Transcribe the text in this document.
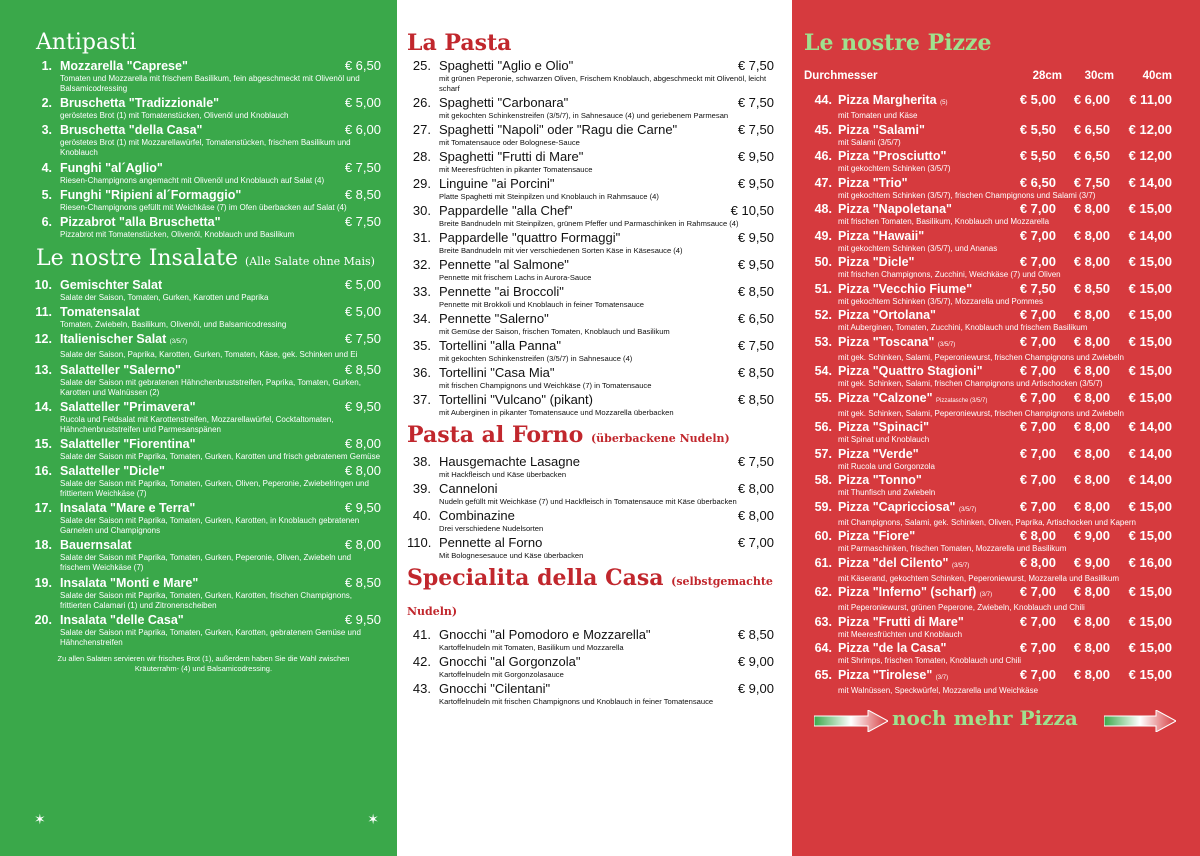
Antipasti
1. Mozzarella "Caprese"	€ 6,50
Tomaten und Mozzarella mit frischem Basilikum, fein abgeschmeckt mit Olivenöl und Balsamicodressing
2. Bruschetta "Tradizzionale"	€ 5,00
geröstetes Brot (1) mit Tomatenstücken, Olivenöl und Knoblauch
3. Bruschetta "della Casa"	€ 6,00
geröstetes Brot (1) mit Mozzarellawürfel, Tomatenstücken, frischem Basilikum und Knoblauch
4. Funghi "al´Aglio"	€ 7,50
Riesen-Champignons angemacht mit Olivenöl und Knoblauch auf Salat (4)
5. Funghi "Ripieni al´Formaggio"	€ 8,50
Riesen-Champignons gefüllt mit Weichkäse (7) im Ofen überbacken auf Salat (4)
6. Pizzabrot "alla Bruschetta"	€ 7,50
Pizzabrot mit Tomatenstücken, Olivenöl, Knoblauch und Basilikum
Le nostre Insalate (Alle Salate ohne Mais)
10. Gemischter Salat	€ 5,00
Salate der Saison, Tomaten, Gurken, Karotten und Paprika
11. Tomatensalat	€ 5,00
Tomaten, Zwiebeln, Basilikum, Olivenöl, und Balsamicodressing
12. Italienischer Salat (3/5/7)	€ 7,50
Salate der Saison, Paprika, Karotten, Gurken, Tomaten, Käse, gek. Schinken und Ei
13. Salatteller "Salerno"	€ 8,50
Salate der Saison mit gebratenen Hähnchenbruststreifen, Paprika, Tomaten, Gurken, Karotten und Walnüssen (2)
14. Salatteller "Primavera"	€ 9,50
Rucola und Feldsalat mit Karottenstreifen, Mozzarellawürfel, Cocktaltomaten, Hähnchenbruststreifen und Parmesanspänen
15. Salatteller "Fiorentina"	€ 8,00
Salate der Saison mit Paprika, Tomaten, Gurken, Karotten und frisch gebratenem Gemüse
16. Salatteller "Dicle"	€ 8,00
Salate der Saison mit Paprika, Tomaten, Gurken, Oliven, Peperonie, Zwiebelringen und frittiertem Weichkäse (7)
17. Insalata "Mare e Terra"	€ 9,50
Salate der Saison mit Paprika, Tomaten, Gurken, Karotten, in Knoblauch gebratenen Garnelen und Champignons
18. Bauernsalat	€ 8,00
Salate der Saison mit Paprika, Tomaten, Gurken, Peperonie, Oliven, Zwiebeln und frischem Weichkäse (7)
19. Insalata "Monti e Mare"	€ 8,50
Salate der Saison mit Paprika, Tomaten, Gurken, Karotten, frischen Champignons, frittierten Calamari (1) und Zitronenscheiben
20. Insalata "delle Casa"	€ 9,50
Salate der Saison mit Paprika, Tomaten, Gurken, Karotten, gebratenem Gemüse und Hähnchenstreifen
Zu allen Salaten servieren wir frisches Brot (1), außerdem haben Sie die Wahl zwischen Kräuterrahm- (4) und Balsamicodressing.
✶	✶
La Pasta
25. Spaghetti "Aglio e Olio"	€ 7,50
mit grünen Peperonie, schwarzen Oliven, Frischem Knoblauch, abgeschmeckt mit Olivenöl, leicht scharf
26. Spaghetti "Carbonara"	€ 7,50
mit gekochten Schinkenstreifen (3/5/7), in Sahnesauce (4) und geriebenem Parmesan
27. Spaghetti "Napoli" oder "Ragu die Carne"	€ 7,50
mit Tomatensauce oder Bolognese-Sauce
28. Spaghetti "Frutti di Mare"	€ 9,50
mit Meeresfrüchten in pikanter Tomatensauce
29. Linguine "ai Porcini"	€ 9,50
Platte Spaghetti mit Steinpilzen und Knoblauch in Rahmsauce (4)
30. Pappardelle "alla Chef"	€ 10,50
Breite Bandnudeln mit Steinpilzen, grünem Pfeffer und Parmaschinken in Rahmsauce (4)
31. Pappardelle "quattro Formaggi"	€ 9,50
Breite Bandnudeln mit vier verschiedenen Sorten Käse in Käsesauce (4)
32. Pennette "al Salmone"	€ 9,50
Pennette mit frischem Lachs in Aurora-Sauce
33. Pennette "ai Broccoli"	€ 8,50
Pennette mit Brokkoli und Knoblauch in feiner Tomatensauce
34. Pennette "Salerno"	€ 6,50
mit Gemüse der Saison, frischen Tomaten, Knoblauch und Basilikum
35. Tortellini "alla Panna"	€ 7,50
mit gekochten Schinkenstreifen (3/5/7) in Sahnesauce (4)
36. Tortellini "Casa Mia"	€ 8,50
mit frischen Champignons und Weichkäse (7) in Tomatensauce
37. Tortellini "Vulcano" (pikant)	€ 8,50
mit Auberginen in pikanter Tomatensauce und Mozzarella überbacken
Pasta al Forno (überbackene Nudeln)
38. Hausgemachte Lasagne	€ 7,50
mit Hackfleisch und Käse überbacken
39. Canneloni	€ 8,00
Nudeln gefüllt mit Weichkäse (7) und Hackfleisch in Tomatensauce mit Käse überbacken
40. Combinazine	€ 8,00
Drei verschiedene Nudelsorten
110. Pennette al Forno	€ 7,00
Mit Bolognesesauce und Käse überbacken
Specialita della Casa (selbstgemachte Nudeln)
41. Gnocchi "al Pomodoro e Mozzarella"	€ 8,50
Kartoffelnudeln mit Tomaten, Basilikum und Mozzarella
42. Gnocchi "al Gorgonzola"	€ 9,00
Kartoffelnudeln mit Gorgonzolasauce
43. Gnocchi "Cilentani"	€ 9,00
Kartoffelnudeln mit frischen Champignons und Knoblauch in feiner Tomatensauce
Le nostre Pizze
Durchmesser	28cm	30cm	40cm
44. Pizza Margherita (5)	€ 5,00	€ 6,00	€ 11,00
mit Tomaten und Käse
45. Pizza "Salami"	€ 5,50	€ 6,50	€ 12,00
mit Salami (3/5/7)
46. Pizza "Prosciutto"	€ 5,50	€ 6,50	€ 12,00
mit gekochtem Schinken (3/5/7)
47. Pizza "Trio"	€ 6,50	€ 7,50	€ 14,00
mit gekochtem Schinken (3/5/7), frischen Champignons und Salami (3/7)
48. Pizza "Napoletana"	€ 7,00	€ 8,00	€ 15,00
mit frischen Tomaten, Basilikum, Knoblauch und Mozzarella
49. Pizza "Hawaii"	€ 7,00	€ 8,00	€ 14,00
mit gekochtem Schinken (3/5/7), und Ananas
50. Pizza "Dicle"	€ 7,00	€ 8,00	€ 15,00
mit frischen Champignons, Zucchini, Weichkäse (7) und Oliven
51. Pizza "Vecchio Fiume"	€ 7,50	€ 8,50	€ 15,00
mit gekochtem Schinken (3/5/7), Mozzarella und Pommes
52. Pizza "Ortolana"	€ 7,00	€ 8,00	€ 15,00
mit Auberginen, Tomaten, Zucchini, Knoblauch und frischem Basilikum
53. Pizza "Toscana" (3/5/7)	€ 7,00	€ 8,00	€ 15,00
mit gek. Schinken, Salami, Peperoniewurst, frischen Champignons und Zwiebeln
54. Pizza "Quattro Stagioni"	€ 7,00	€ 8,00	€ 15,00
mit gek. Schinken, Salami, frischen Champignons und Artischocken (3/5/7)
55. Pizza "Calzone" Pizzatasche (3/5/7)	€ 7,00	€ 8,00	€ 15,00
mit gek. Schinken, Salami, Peperoniewurst, frischen Champignons und Zwiebeln
56. Pizza "Spinaci"	€ 7,00	€ 8,00	€ 14,00
mit Spinat und Knoblauch
57. Pizza "Verde"	€ 7,00	€ 8,00	€ 14,00
mit Rucola und Gorgonzola
58. Pizza "Tonno"	€ 7,00	€ 8,00	€ 14,00
mit Thunfisch und Zwiebeln
59. Pizza "Capricciosa" (3/5/7)	€ 7,00	€ 8,00	€ 15,00
mit Champignons, Salami, gek. Schinken, Oliven, Paprika, Artischocken und Kapern
60. Pizza "Fiore"	€ 8,00	€ 9,00	€ 15,00
mit Parmaschinken, frischen Tomaten, Mozzarella und Basilikum
61. Pizza "del Cilento" (3/5/7)	€ 8,00	€ 9,00	€ 16,00
mit Käserand, gekochtem Schinken, Peperoniewurst, Mozzarella und Basilikum
62. Pizza "Inferno" (scharf) (3/7)	€ 7,00	€ 8,00	€ 15,00
mit Peperoniewurst, grünen Peperone, Zwiebeln, Knoblauch und Chili
63. Pizza "Frutti di Mare"	€ 7,00	€ 8,00	€ 15,00
mit Meeresfrüchten und Knoblauch
64. Pizza "de la Casa"	€ 7,00	€ 8,00	€ 15,00
mit Shrimps, frischen Tomaten, Knoblauch und Chili
65. Pizza "Tirolese" (3/7)	€ 7,00	€ 8,00	€ 15,00
mit Walnüssen, Speckwürfel, Mozzarella und Weichkäse
noch mehr Pizza
